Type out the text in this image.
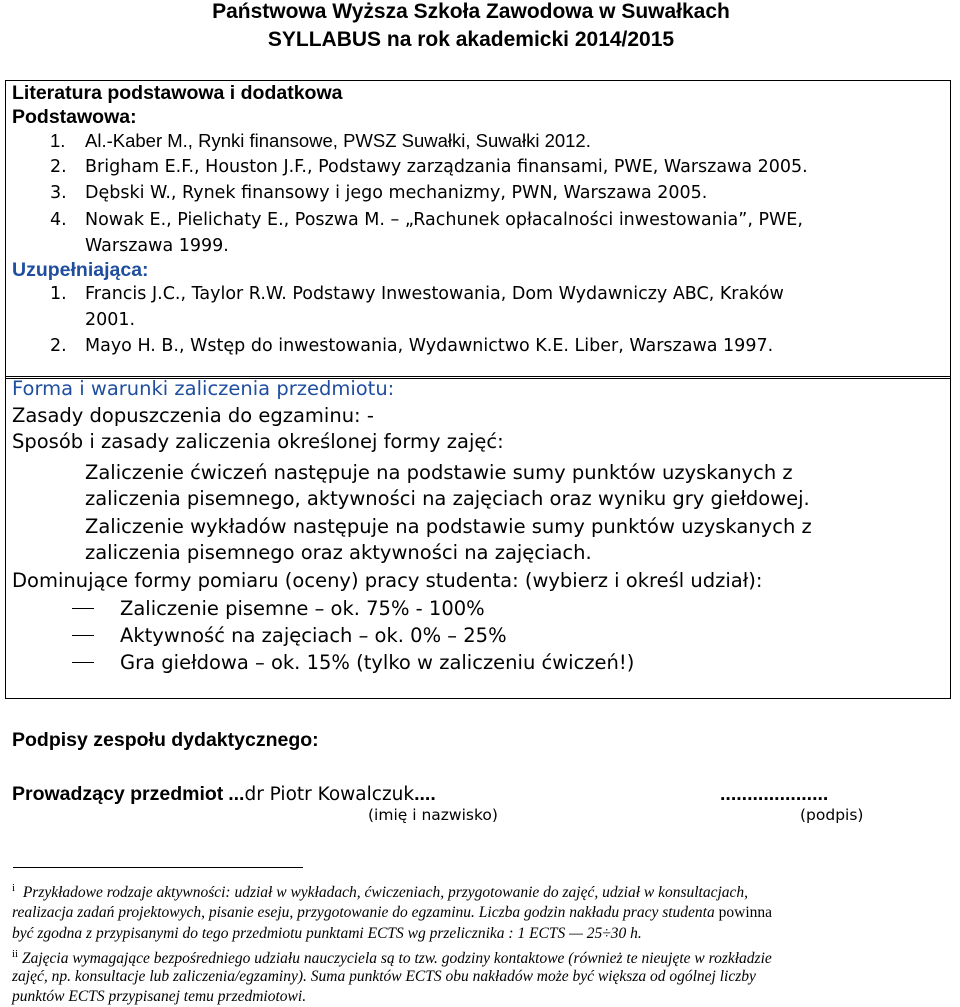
Państwowa Wyższa Szkoła Zawodowa w Suwałkach
SYLLABUS na rok akademicki 2014/2015
Literatura podstawowa i dodatkowa
Podstawowa:
1. Al.-Kaber M., Rynki finansowe, PWSZ Suwałki, Suwałki 2012.
2. Brigham E.F., Houston J.F., Podstawy zarządzania finansami, PWE, Warszawa 2005.
3. Dębski W., Rynek finansowy i jego mechanizmy, PWN, Warszawa 2005.
4. Nowak E., Pielichaty E., Poszwa M. – „Rachunek opłacalności inwestowania”, PWE,
Warszawa 1999.
Uzupełniająca:
1. Francis J.C., Taylor R.W. Podstawy Inwestowania, Dom Wydawniczy ABC, Kraków
2001.
2. Mayo H. B., Wstęp do inwestowania, Wydawnictwo K.E. Liber, Warszawa 1997.
Forma i warunki zaliczenia przedmiotu:
Zasady dopuszczenia do egzaminu: -
Sposób i zasady zaliczenia określonej formy zajęć:
Zaliczenie ćwiczeń następuje na podstawie sumy punktów uzyskanych z
zaliczenia pisemnego, aktywności na zajęciach oraz wyniku gry giełdowej.
Zaliczenie wykładów następuje na podstawie sumy punktów uzyskanych z
zaliczenia pisemnego oraz aktywności na zajęciach.
Dominujące formy pomiaru (oceny) pracy studenta: (wybierz i określ udział):
Zaliczenie pisemne – ok. 75% - 100%
Aktywność na zajęciach – ok. 0% – 25%
Gra giełdowa – ok. 15% (tylko w zaliczeniu ćwiczeń!)
Podpisy zespołu dydaktycznego:
Prowadzący przedmiot ...dr Piotr Kowalczuk....
(imię i nazwisko)
....................
(podpis)
$^i$ Przykładowe rodzaje aktywności: udział w wykładach, ćwiczeniach, przygotowanie do zajęć, udział w konsultacjach,
realizacja zadań projektowych, pisanie eseju, przygotowanie do egzaminu. Liczba godzin nakładu pracy studenta powinna
być zgodna z przypisanymi do tego przedmiotu punktami ECTS wg przelicznika : 1 ECTS — 25÷30 h.
$^{ii}$ Zajęcia wymagające bezpośredniego udziału nauczyciela są to tzw. godziny kontaktowe (również te nieujęte w rozkładzie
zajęć, np. konsultacje lub zaliczenia/egzaminy). Suma punktów ECTS obu nakładów może być większa od ogólnej liczby
punktów ECTS przypisanej temu przedmiotowi.
